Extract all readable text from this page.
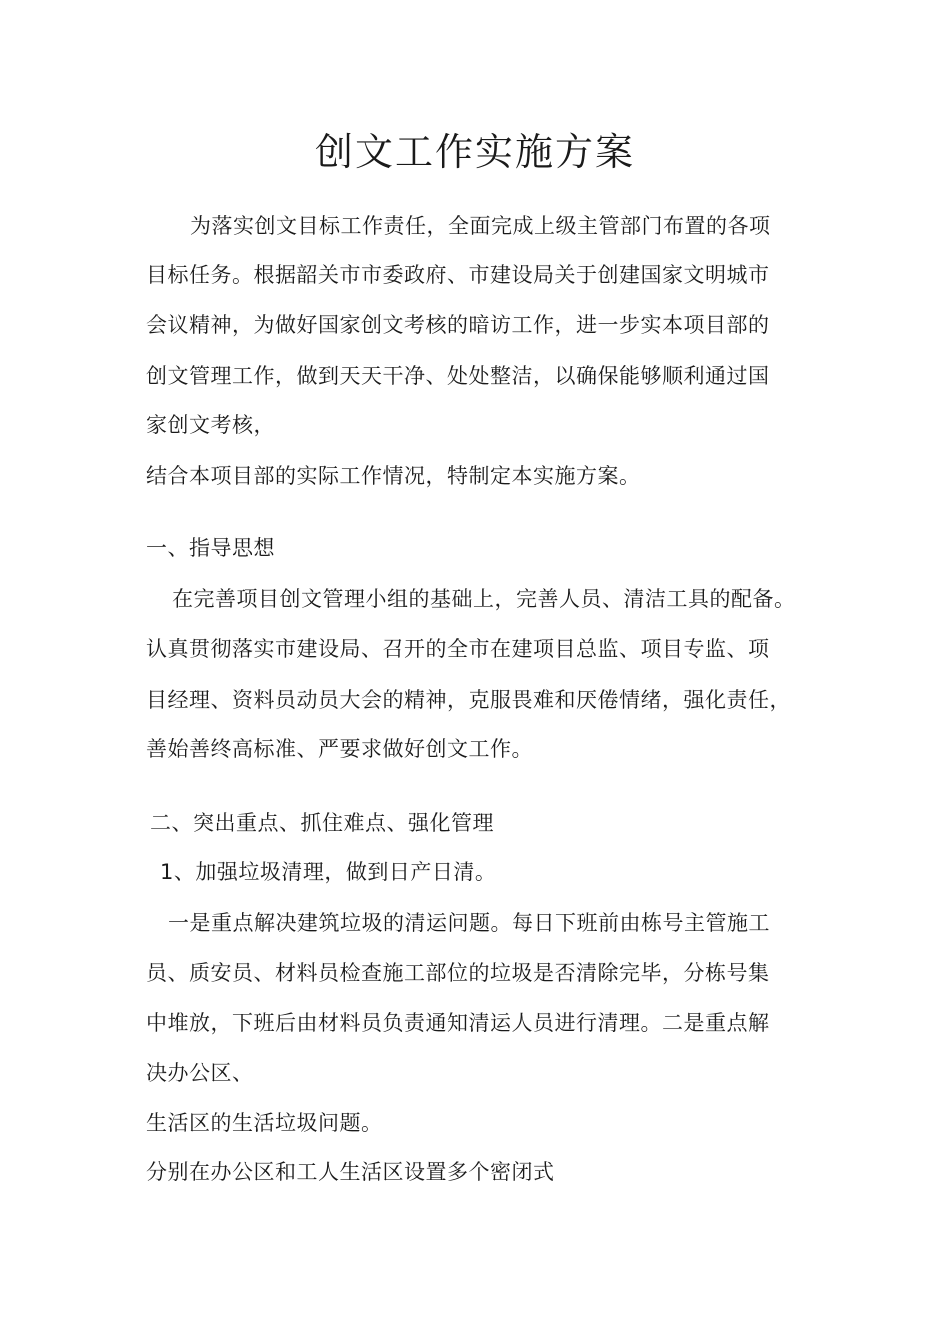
创文工作实施方案
为落实创文目标工作责任，全面完成上级主管部门布置的各项
目标任务。根据韶关市市委政府、市建设局关于创建国家文明城市
会议精神，为做好国家创文考核的暗访工作，进一步实本项目部的
创文管理工作，做到天天干净、处处整洁，以确保能够顺利通过国
家创文考核，
结合本项目部的实际工作情况，特制定本实施方案。
一、指导思想
在完善项目创文管理小组的基础上，完善人员、清洁工具的配备。
认真贯彻落实市建设局、召开的全市在建项目总监、项目专监、项
目经理、资料员动员大会的精神，克服畏难和厌倦情绪，强化责任，
善始善终高标准、严要求做好创文工作。
二、突出重点、抓住难点、强化管理
1、加强垃圾清理，做到日产日清。
一是重点解决建筑垃圾的清运问题。每日下班前由栋号主管施工
员、质安员、材料员检查施工部位的垃圾是否清除完毕，分栋号集
中堆放，下班后由材料员负责通知清运人员进行清理。二是重点解
决办公区、
生活区的生活垃圾问题。
分别在办公区和工人生活区设置多个密闭式
